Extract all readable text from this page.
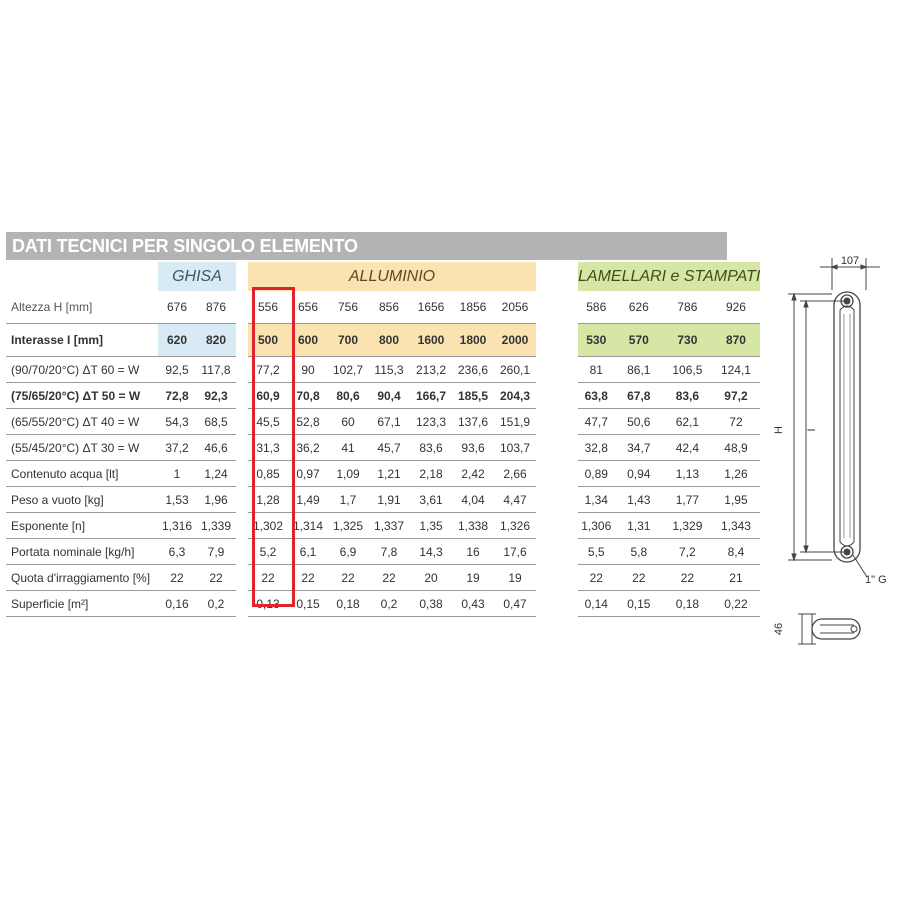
DATI TECNICI PER SINGOLO ELEMENTO
	GHISA			ALLUMINIO								LAMELLARI e STAMPATI			
Altezza H [mm]	676	876		556	656	756	856	1656	1856	2056		586	626	786	926
Interasse I [mm]	620	820		500	600	700	800	1600	1800	2000		530	570	730	870
(90/70/20°C) ΔT 60 = W	92,5	117,8		77,2	90	102,7	115,3	213,2	236,6	260,1		81	86,1	106,5	124,1
(75/65/20°C) ΔT 50 = W	72,8	92,3		60,9	70,8	80,6	90,4	166,7	185,5	204,3		63,8	67,8	83,6	97,2
(65/55/20°C) ΔT 40 = W	54,3	68,5		45,5	52,8	60	67,1	123,3	137,6	151,9		47,7	50,6	62,1	72
(55/45/20°C) ΔT 30 = W	37,2	46,6		31,3	36,2	41	45,7	83,6	93,6	103,7		32,8	34,7	42,4	48,9
Contenuto acqua [lt]	1	1,24		0,85	0,97	1,09	1,21	2,18	2,42	2,66		0,89	0,94	1,13	1,26
Peso a vuoto [kg]	1,53	1,96		1,28	1,49	1,7	1,91	3,61	4,04	4,47		1,34	1,43	1,77	1,95
Esponente [n]	1,316	1,339		1,302	1,314	1,325	1,337	1,35	1,338	1,326		1,306	1,31	1,329	1,343
Portata nominale [kg/h]	6,3	7,9		5,2	6,1	6,9	7,8	14,3	16	17,6		5,5	5,8	7,2	8,4
Quota d'irraggiamento [%]	22	22		22	22	22	22	20	19	19		22	22	22	21
Superficie [m²]	0,16	0,2		0,13	0,15	0,18	0,2	0,38	0,43	0,47		0,14	0,15	0,18	0,22
107
H I
1" G
46
